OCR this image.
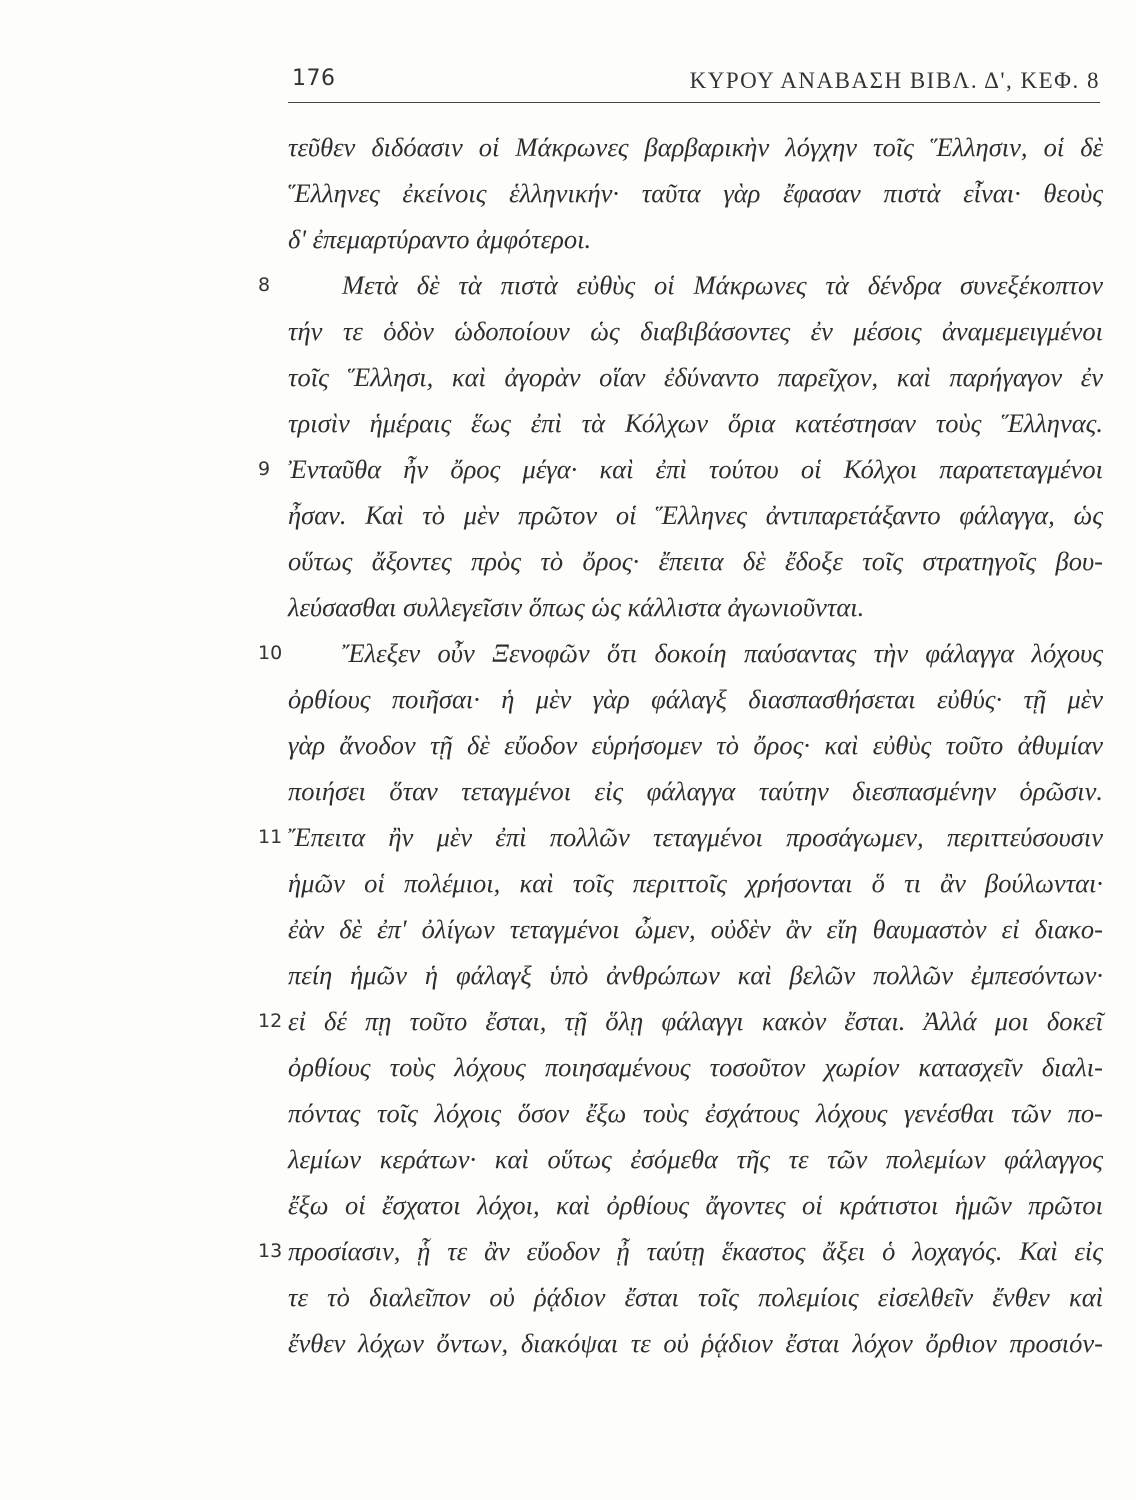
176	ΚΥΡΟΥ ΑΝΑΒΑΣΗ ΒΙΒΛ. Δ', ΚΕΦ. 8
τεῦθεν διδόασιν οἱ Μάκρωνες βαρβαρικὴν λόγχην τοῖς Ἕλλησιν, οἱ δὲ
Ἕλληνες ἐκείνοις ἑλληνικήν· ταῦτα γὰρ ἔφασαν πιστὰ εἶναι· θεοὺς
δ' ἐπεμαρτύραντο ἀμφότεροι.
8	Μετὰ δὲ τὰ πιστὰ εὐθὺς οἱ Μάκρωνες τὰ δένδρα συνεξέκοπτον
τήν τε ὁδὸν ὡδοποίουν ὡς διαβιβάσοντες ἐν μέσοις ἀναμεμειγμένοι
τοῖς Ἕλλησι, καὶ ἀγορὰν οἵαν ἐδύναντο παρεῖχον, καὶ παρήγαγον ἐν
τρισὶν ἡμέραις ἕως ἐπὶ τὰ Κόλχων ὅρια κατέστησαν τοὺς Ἕλληνας.
9 Ἐνταῦθα ἦν ὄρος μέγα· καὶ ἐπὶ τούτου οἱ Κόλχοι παρατεταγμένοι
ἦσαν. Καὶ τὸ μὲν πρῶτον οἱ Ἕλληνες ἀντιπαρετάξαντο φάλαγγα, ὡς
οὕτως ἄξοντες πρὸς τὸ ὄρος· ἔπειτα δὲ ἔδοξε τοῖς στρατηγοῖς βου-
λεύσασθαι συλλεγεῖσιν ὅπως ὡς κάλλιστα ἀγωνιοῦνται.
10 Ἔλεξεν οὖν Ξενοφῶν ὅτι δοκοίη παύσαντας τὴν φάλαγγα λόχους
ὀρθίους ποιῆσαι· ἡ μὲν γὰρ φάλαγξ διασπασθήσεται εὐθύς· τῇ μὲν
γὰρ ἄνοδον τῇ δὲ εὔοδον εὑρήσομεν τὸ ὄρος· καὶ εὐθὺς τοῦτο ἀθυμίαν
ποιήσει ὅταν τεταγμένοι εἰς φάλαγγα ταύτην διεσπασμένην ὁρῶσιν.
11 Ἔπειτα ἢν μὲν ἐπὶ πολλῶν τεταγμένοι προσάγωμεν, περιττεύσουσιν
ἡμῶν οἱ πολέμιοι, καὶ τοῖς περιττοῖς χρήσονται ὅ τι ἂν βούλωνται·
ἐὰν δὲ ἐπ' ὀλίγων τεταγμένοι ὦμεν, οὐδὲν ἂν εἴη θαυμαστὸν εἰ διακο-
πείη ἡμῶν ἡ φάλαγξ ὑπὸ ἀνθρώπων καὶ βελῶν πολλῶν ἐμπεσόντων·
12 εἰ δέ πῃ τοῦτο ἔσται, τῇ ὅλῃ φάλαγγι κακὸν ἔσται. Ἀλλά μοι δοκεῖ
ὀρθίους τοὺς λόχους ποιησαμένους τοσοῦτον χωρίον κατασχεῖν διαλι-
πόντας τοῖς λόχοις ὅσον ἔξω τοὺς ἐσχάτους λόχους γενέσθαι τῶν πο-
λεμίων κεράτων· καὶ οὕτως ἐσόμεθα τῆς τε τῶν πολεμίων φάλαγγος
ἔξω οἱ ἔσχατοι λόχοι, καὶ ὀρθίους ἄγοντες οἱ κράτιστοι ἡμῶν πρῶτοι
13 προσίασιν, ᾗ τε ἂν εὔοδον ᾖ ταύτῃ ἕκαστος ἄξει ὁ λοχαγός. Καὶ εἰς
τε τὸ διαλεῖπον οὐ ῥᾴδιον ἔσται τοῖς πολεμίοις εἰσελθεῖν ἔνθεν καὶ
ἔνθεν λόχων ὄντων, διακόψαι τε οὐ ῥᾴδιον ἔσται λόχον ὄρθιον προσιόν-
